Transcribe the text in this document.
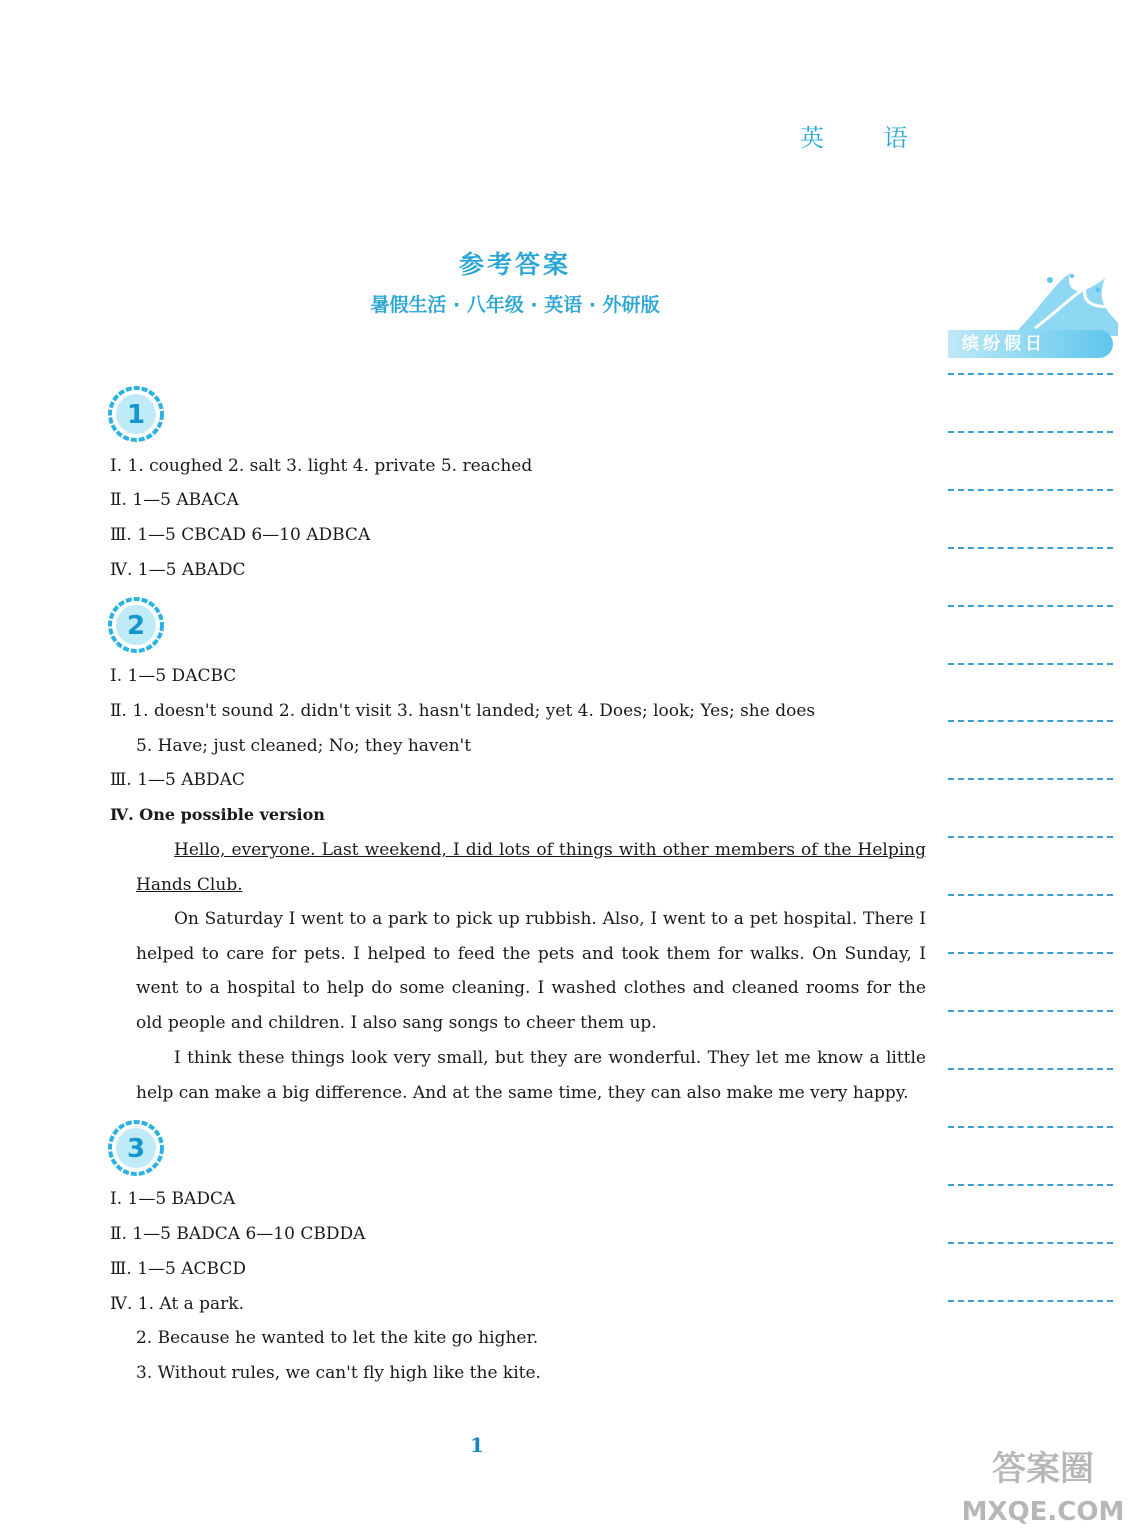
英 语
参考答案
暑假生活 · 八年级 · 英语 · 外研版
缤纷假日
1
Ⅰ. 1. coughed 2. salt 3. light 4. private 5. reached
Ⅱ. 1—5 ABACA
Ⅲ. 1—5 CBCAD 6—10 ADBCA
Ⅳ. 1—5 ABADC
2
Ⅰ. 1—5 DACBC
Ⅱ. 1. doesn't sound 2. didn't visit 3. hasn't landed; yet 4. Does; look; Yes; she does
5. Have; just cleaned; No; they haven't
Ⅲ. 1—5 ABDAC
Ⅳ. One possible version
Hello, everyone. Last weekend, I did lots of things with other members of the Helping Hands Club.
On Saturday I went to a park to pick up rubbish. Also, I went to a pet hospital. There I helped to care for pets. I helped to feed the pets and took them for walks. On Sunday, I went to a hospital to help do some cleaning. I washed clothes and cleaned rooms for the old people and children. I also sang songs to cheer them up.
I think these things look very small, but they are wonderful. They let me know a little help can make a big difference. And at the same time, they can also make me very happy.
3
Ⅰ. 1—5 BADCA
Ⅱ. 1—5 BADCA 6—10 CBDDA
Ⅲ. 1—5 ACBCD
Ⅳ. 1. At a park.
2. Because he wanted to let the kite go higher.
3. Without rules, we can't fly high like the kite.
1
答案圈
MXQE.COM
